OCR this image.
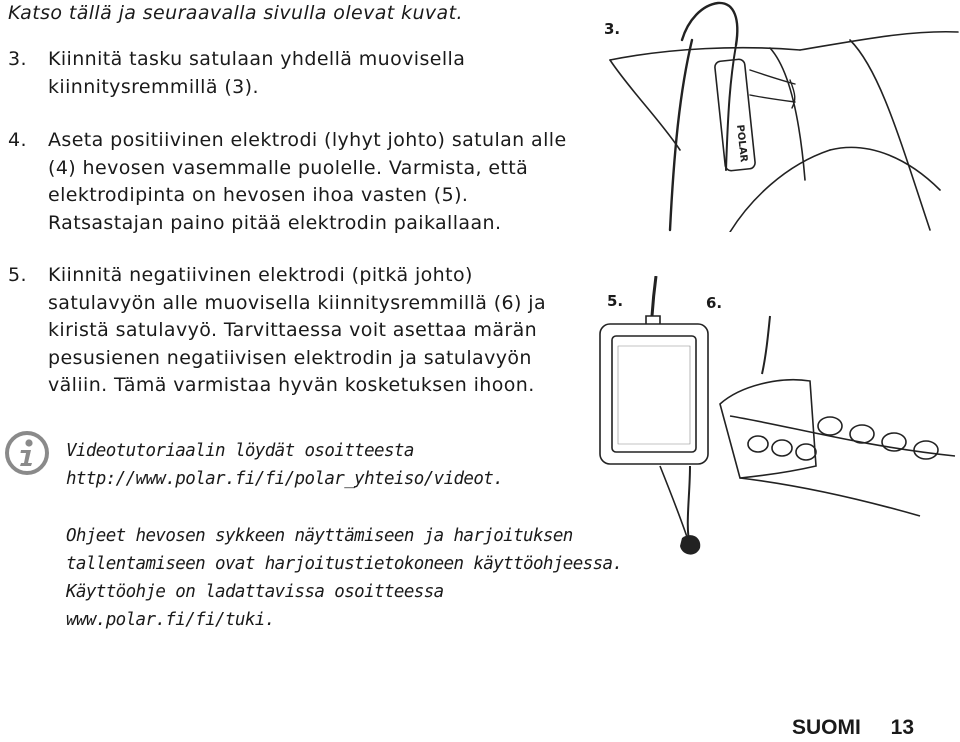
Katso tällä ja seuraavalla sivulla olevat kuvat.

3. Kiinnitä tasku satulaan yhdellä muovisella
kiinnitysremmillä (3).
4. Aseta positiivinen elektrodi (lyhyt johto) satulan alle
(4) hevosen vasemmalle puolelle. Varmista, että
elektrodipinta on hevosen ihoa vasten (5).
Ratsastajan paino pitää elektrodin paikallaan.
5. Kiinnitä negatiivinen elektrodi (pitkä johto)
satulavyön alle muovisella kiinnitysremmillä (6) ja
kiristä satulavyö. Tarvittaessa voit asettaa märän
pesusienen negatiivisen elektrodin ja satulavyön
väliin. Tämä varmistaa hyvän kosketuksen ihoon.
Videotutoriaalin löydät osoitteesta
http://www.polar.fi/fi/polar_yhteiso/videot.
Ohjeet hevosen sykkeen näyttämiseen ja harjoituksen
tallentamiseen ovat harjoitustietokoneen käyttöohjeessa.
Käyttöohje on ladattavissa osoitteessa
www.polar.fi/fi/tuki.
POLAR
3.
5.	6.
SUOMI 13
